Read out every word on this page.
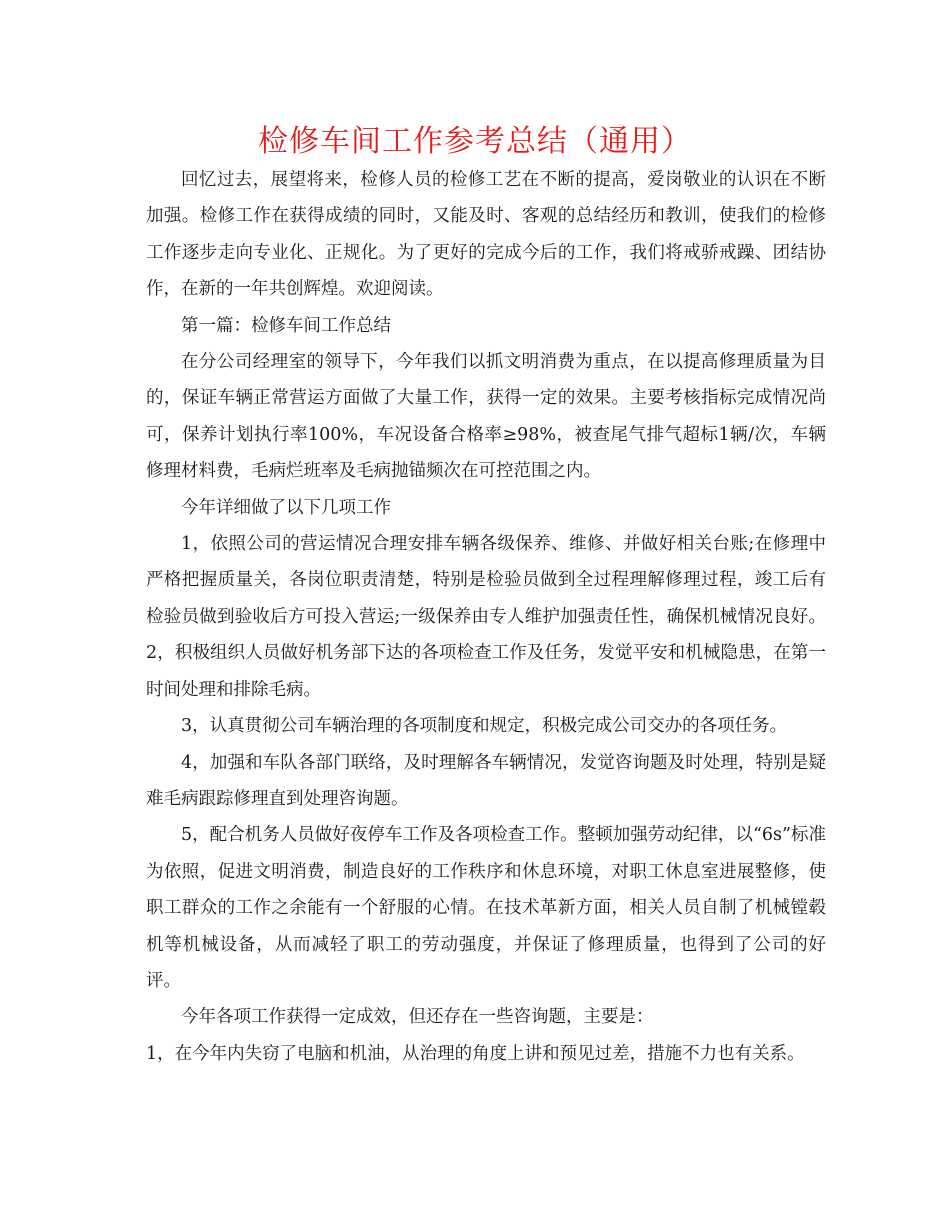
检修车间工作参考总结（通用）

回忆过去，展望将来，检修人员的检修工艺在不断的提高，爱岗敬业的认识在不断加强。检修工作在获得成绩的同时，又能及时、客观的总结经历和教训，使我们的检修工作逐步走向专业化、正规化。为了更好的完成今后的工作，我们将戒骄戒躁、团结协作，在新的一年共创辉煌。欢迎阅读。

第一篇：检修车间工作总结

在分公司经理室的领导下，今年我们以抓文明消费为重点，在以提高修理质量为目的，保证车辆正常营运方面做了大量工作，获得一定的效果。主要考核指标完成情况尚可，保养计划执行率100%，车况设备合格率≥98%，被查尾气排气超标1辆/次，车辆修理材料费，毛病烂班率及毛病抛锚频次在可控范围之内。

今年详细做了以下几项工作

1，依照公司的营运情况合理安排车辆各级保养、维修、并做好相关台账;在修理中严格把握质量关，各岗位职责清楚，特别是检验员做到全过程理解修理过程，竣工后有检验员做到验收后方可投入营运;一级保养由专人维护加强责任性，确保机械情况良好。2，积极组织人员做好机务部下达的各项检查工作及任务，发觉平安和机械隐患，在第一时间处理和排除毛病。

3，认真贯彻公司车辆治理的各项制度和规定，积极完成公司交办的各项任务。

4，加强和车队各部门联络，及时理解各车辆情况，发觉咨询题及时处理，特别是疑难毛病跟踪修理直到处理咨询题。

5，配合机务人员做好夜停车工作及各项检查工作。整顿加强劳动纪律，以“6s”标准为依照，促进文明消费，制造良好的工作秩序和休息环境，对职工休息室进展整修，使职工群众的工作之余能有一个舒服的心情。在技术革新方面，相关人员自制了机械镗毂机等机械设备，从而减轻了职工的劳动强度，并保证了修理质量，也得到了公司的好评。

今年各项工作获得一定成效，但还存在一些咨询题，主要是：

1，在今年内失窃了电脑和机油，从治理的角度上讲和预见过差，措施不力也有关系。
